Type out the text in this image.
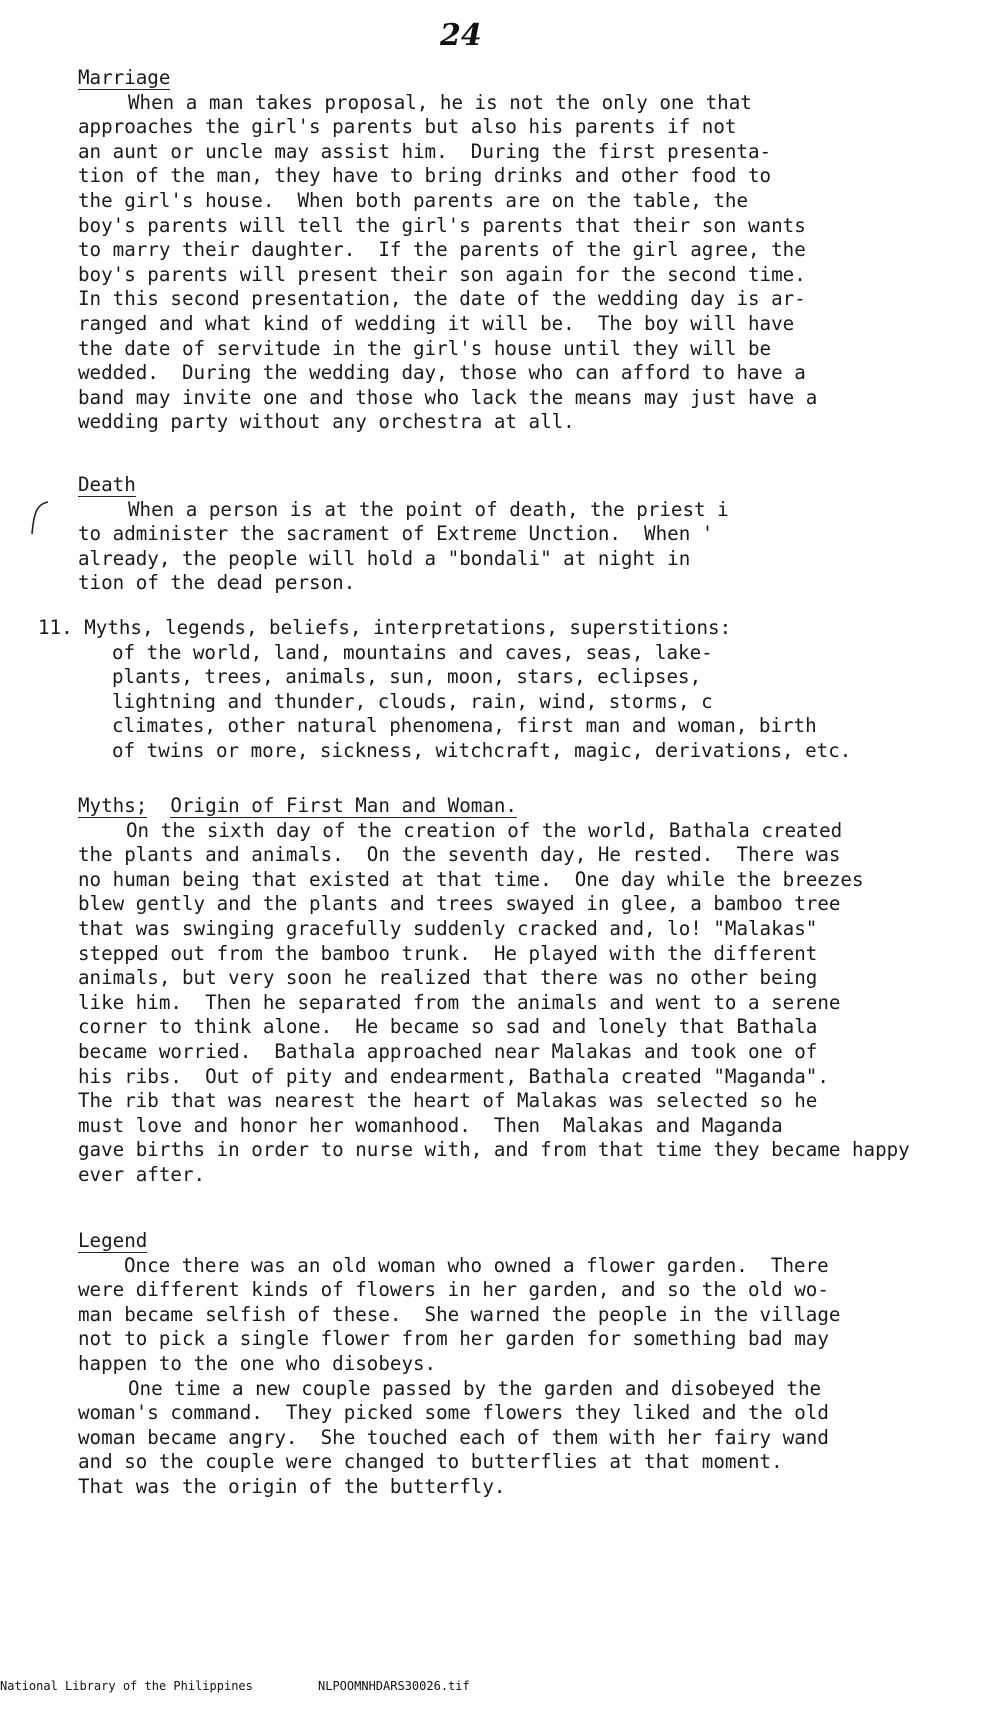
24
Marriage
When a man takes proposal, he is not the only one that
approaches the girl's parents but also his parents if not
an aunt or uncle may assist him.  During the first presenta-
tion of the man, they have to bring drinks and other food to
the girl's house.  When both parents are on the table, the
boy's parents will tell the girl's parents that their son wants
to marry their daughter.  If the parents of the girl agree, the
boy's parents will present their son again for the second time.
In this second presentation, the date of the wedding day is ar-
ranged and what kind of wedding it will be.  The boy will have
the date of servitude in the girl's house until they will be
wedded.  During the wedding day, those who can afford to have a
band may invite one and those who lack the means may just have a
wedding party without any orchestra at all.
Death
When a person is at the point of death, the priest i
to administer the sacrament of Extreme Unction.  When '
already, the people will hold a "bondali" at night in
tion of the dead person.
11. Myths, legends, beliefs, interpretations, superstitions:
of the world, land, mountains and caves, seas, lake-
plants, trees, animals, sun, moon, stars, eclipses,
lightning and thunder, clouds, rain, wind, storms, c
climates, other natural phenomena, first man and woman, birth
of twins or more, sickness, witchcraft, magic, derivations, etc.
Myths; Origin of First Man and Woman.
On the sixth day of the creation of the world, Bathala created
the plants and animals.  On the seventh day, He rested.  There was
no human being that existed at that time.  One day while the breezes
blew gently and the plants and trees swayed in glee, a bamboo tree
that was swinging gracefully suddenly cracked and, lo! "Malakas"
stepped out from the bamboo trunk.  He played with the different
animals, but very soon he realized that there was no other being
like him.  Then he separated from the animals and went to a serene
corner to think alone.  He became so sad and lonely that Bathala
became worried.  Bathala approached near Malakas and took one of
his ribs.  Out of pity and endearment, Bathala created "Maganda".
The rib that was nearest the heart of Malakas was selected so he
must love and honor her womanhood.  Then  Malakas and Maganda
gave births in order to nurse with, and from that time they became happy
ever after.
Legend
Once there was an old woman who owned a flower garden.  There
were different kinds of flowers in her garden, and so the old wo-
man became selfish of these.  She warned the people in the village
not to pick a single flower from her garden for something bad may
happen to the one who disobeys.
One time a new couple passed by the garden and disobeyed the
woman's command.  They picked some flowers they liked and the old
woman became angry.  She touched each of them with her fairy wand
and so the couple were changed to butterflies at that moment.
That was the origin of the butterfly.

National Library of the Philippines

	NLPOOMNHDARS30026.tif
